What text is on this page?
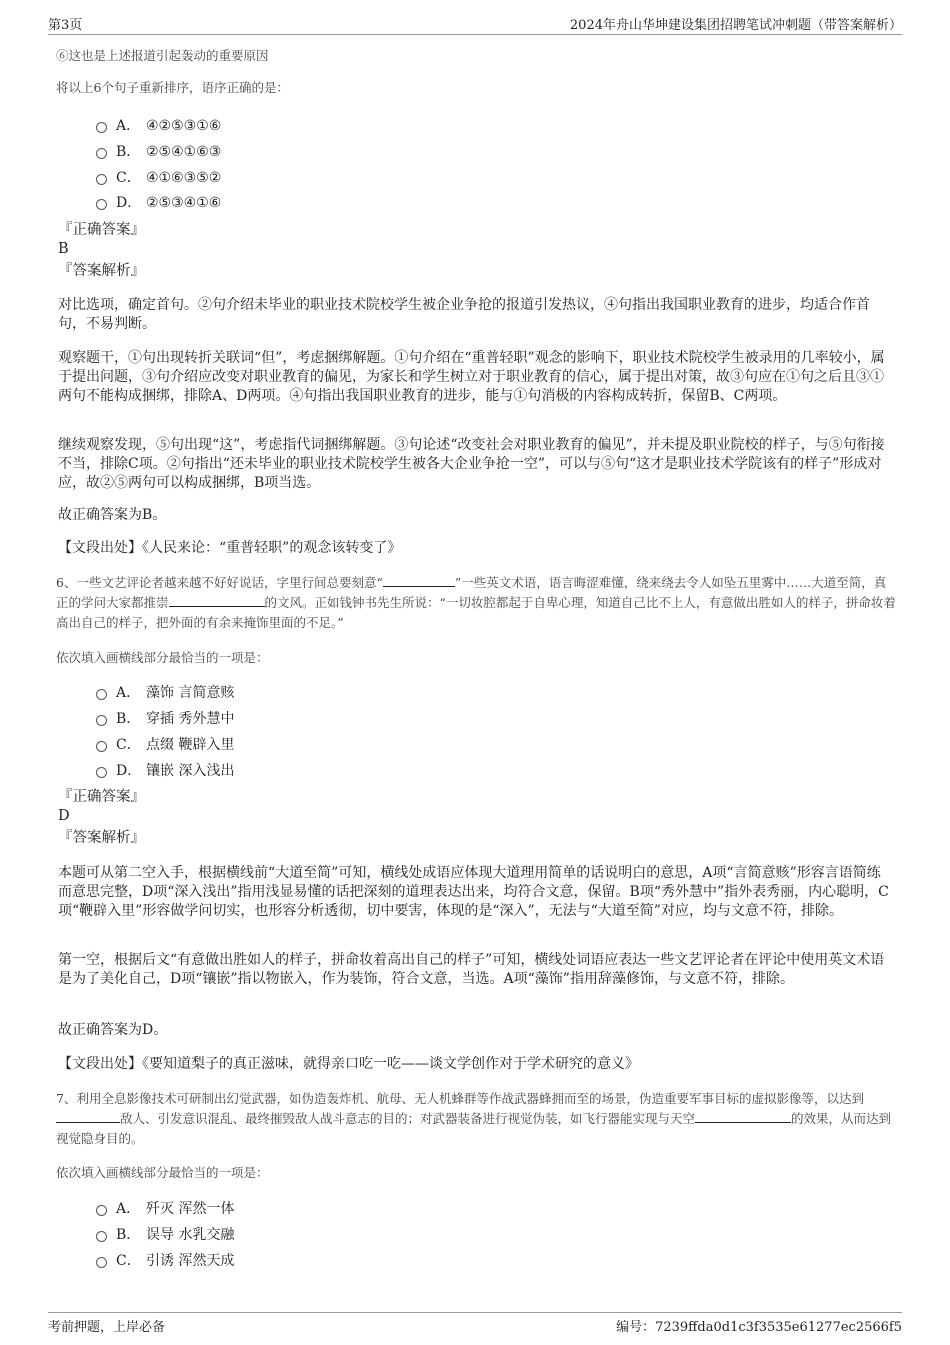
第3页	2024年舟山华坤建设集团招聘笔试冲刺题（带答案解析）

⑥这也是上述报道引起轰动的重要原因

将以上6个句子重新排序，语序正确的是：

A． ④②⑤③①⑥
B． ②⑤④①⑥③
C． ④①⑥③⑤②
D． ②⑤③④①⑥
『正确答案』
B
『答案解析』

对比选项，确定首句。②句介绍未毕业的职业技术院校学生被企业争抢的报道引发热议，④句指出我国职业教育的进步，均适合作首句，不易判断。

观察题干，①句出现转折关联词“但”，考虑捆绑解题。①句介绍在“重普轻职”观念的影响下，职业技术院校学生被录用的几率较小，属于提出问题，③句介绍应改变对职业教育的偏见，为家长和学生树立对于职业教育的信心，属于提出对策，故③句应在①句之后且③①两句不能构成捆绑，排除A、D两项。④句指出我国职业教育的进步，能与①句消极的内容构成转折，保留B、C两项。

继续观察发现，⑤句出现“这”，考虑指代词捆绑解题。③句论述“改变社会对职业教育的偏见”，并未提及职业院校的样子，与⑤句衔接不当，排除C项。②句指出“还未毕业的职业技术院校学生被各大企业争抢一空”，可以与⑤句“这才是职业技术学院该有的样子”形成对应，故②⑤两句可以构成捆绑，B项当选。

故正确答案为B。

【文段出处】《人民来论：“重普轻职”的观念该转变了》

6、一些文艺评论者越来越不好好说话，字里行间总要刻意“	”一些英文术语，语言晦涩难懂，绕来绕去令人如坠五里雾中……大道至简，真正的学问大家都推崇	的文风。正如钱钟书先生所说：“一切妆腔都起于自卑心理，知道自己比不上人，有意做出胜如人的样子，拼命妆着高出自己的样子，把外面的有余来掩饰里面的不足。”

依次填入画横线部分最恰当的一项是：

A． 藻饰 言简意赅
B． 穿插 秀外慧中
C． 点缀 鞭辟入里
D． 镶嵌 深入浅出
『正确答案』
D
『答案解析』

本题可从第二空入手，根据横线前“大道至简”可知，横线处成语应体现大道理用简单的话说明白的意思，A项“言简意赅”形容言语简练而意思完整，D项“深入浅出”指用浅显易懂的话把深刻的道理表达出来，均符合文意，保留。B项“秀外慧中”指外表秀丽，内心聪明，C项“鞭辟入里”形容做学问切实，也形容分析透彻，切中要害，体现的是“深入”，无法与“大道至简”对应，均与文意不符，排除。

第一空，根据后文“有意做出胜如人的样子，拼命妆着高出自己的样子”可知，横线处词语应表达一些文艺评论者在评论中使用英文术语是为了美化自己，D项“镶嵌”指以物嵌入，作为装饰，符合文意，当选。A项“藻饰”指用辞藻修饰，与文意不符，排除。

故正确答案为D。

【文段出处】《要知道梨子的真正滋味，就得亲口吃一吃——谈文学创作对于学术研究的意义》

7、利用全息影像技术可研制出幻觉武器，如伪造轰炸机、航母、无人机蜂群等作战武器蜂拥而至的场景，伪造重要军事目标的虚拟影像等，以达到敌人、引发意识混乱、最终摧毁敌人战斗意志的目的；对武器装备进行视觉伪装，如飞行器能实现与天空	的效果，从而达到视觉隐身目的。

依次填入画横线部分最恰当的一项是：

A． 歼灭 浑然一体
B． 误导 水乳交融
C． 引诱 浑然天成
考前押题，上岸必备	编号：7239ffda0d1c3f3535e61277ec2566f5
